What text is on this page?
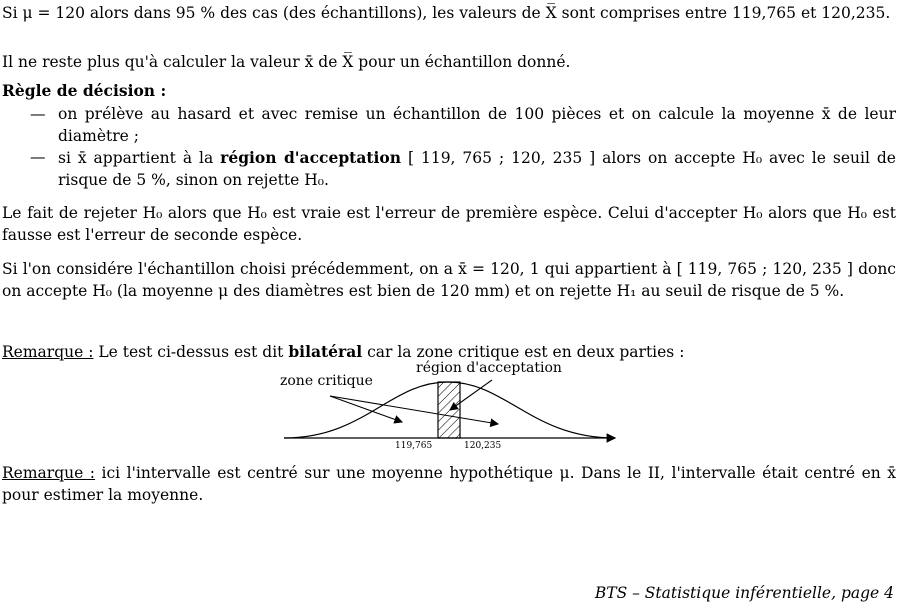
Si μ = 120 alors dans 95 % des cas (des échantillons), les valeurs de X̅ sont comprises entre 119,765 et 120,235.
Il ne reste plus qu'à calculer la valeur x̄ de X̅ pour un échantillon donné.
Règle de décision :
— on prélève au hasard et avec remise un échantillon de 100 pièces et on calcule la moyenne x̄ de leur diamètre ;
— si x̄ appartient à la région d'acceptation [ 119, 765 ; 120, 235 ] alors on accepte H₀ avec le seuil de risque de 5 %, sinon on rejette H₀.
Le fait de rejeter H₀ alors que H₀ est vraie est l'erreur de première espèce. Celui d'accepter H₀ alors que H₀ est fausse est l'erreur de seconde espèce.
Si l'on considére l'échantillon choisi précédemment, on a x̄ = 120, 1 qui appartient à [ 119, 765 ; 120, 235 ] donc on accepte H₀ (la moyenne μ des diamètres est bien de 120 mm) et on rejette H₁ au seuil de risque de 5 %.
Remarque : Le test ci-dessus est dit bilatéral car la zone critique est en deux parties :
zone critique
région d'acceptation
119,765	120,235
Remarque : ici l'intervalle est centré sur une moyenne hypothétique μ. Dans le II, l'intervalle était centré en x̄ pour estimer la moyenne.
BTS – Statistique inférentielle, page 4
